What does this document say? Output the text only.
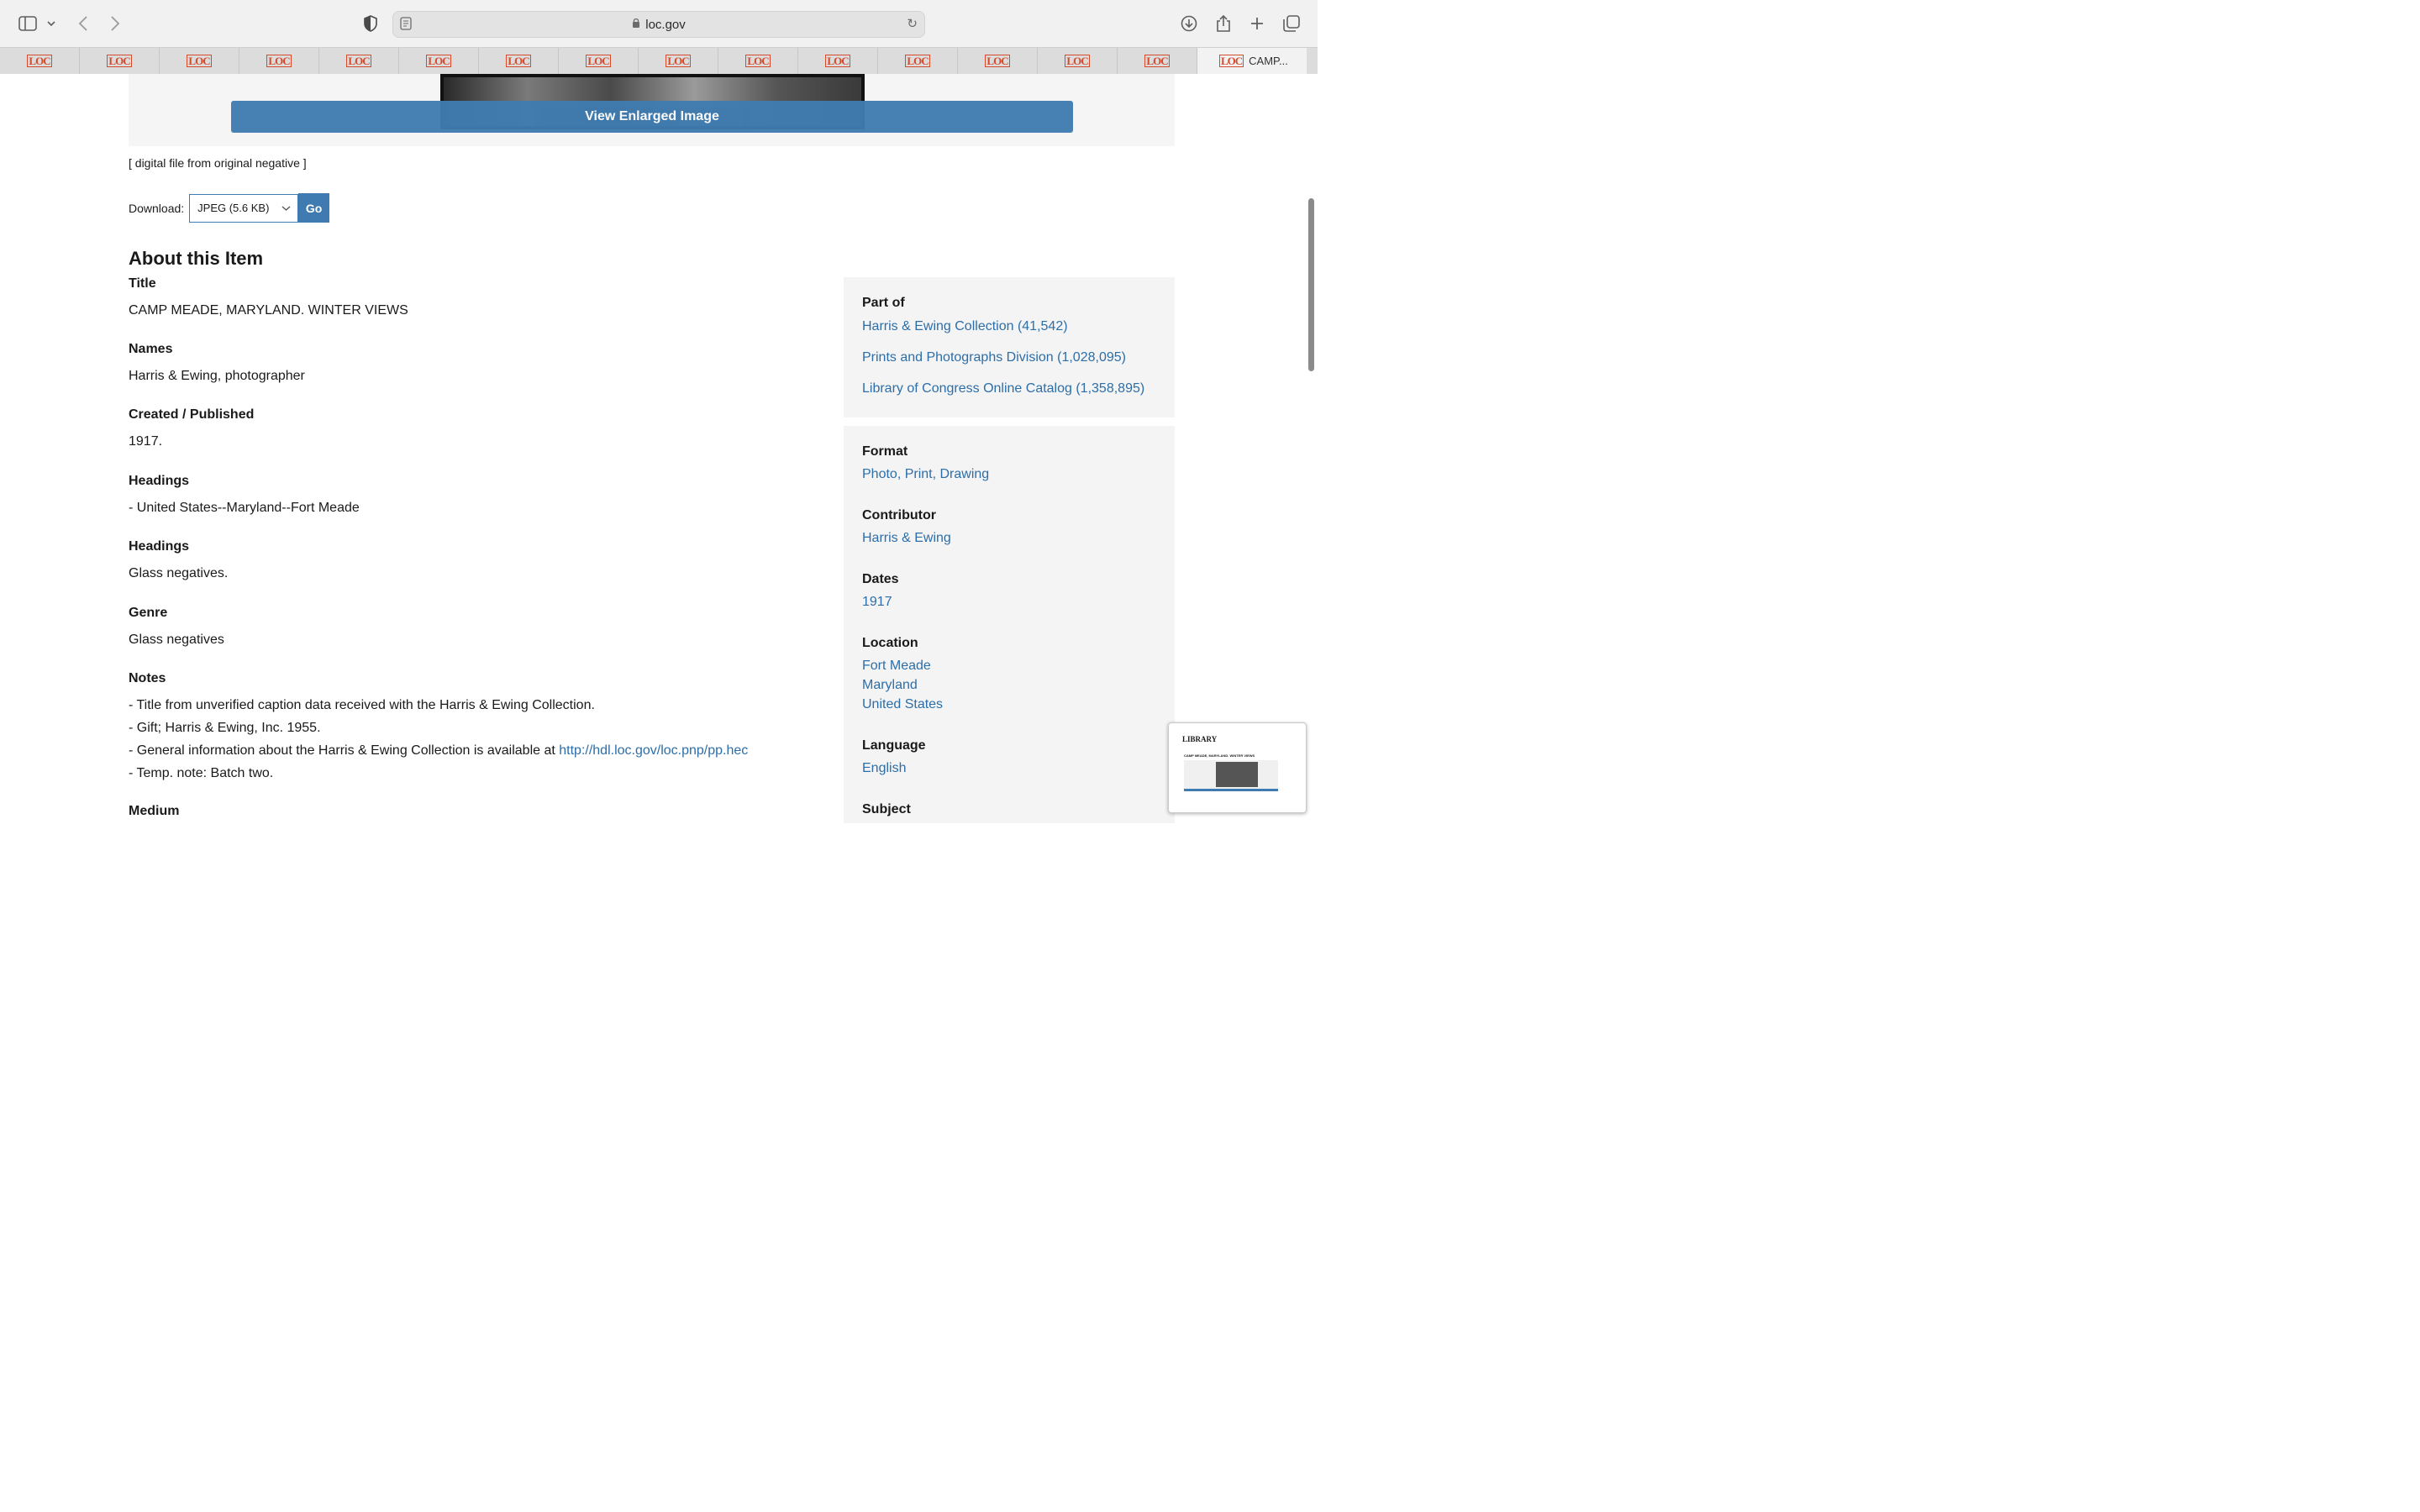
loc.gov	↻
LOC	LOC	LOC	LOC	LOC	LOC	LOC	LOC	LOC	LOC	LOC	LOC	LOC	LOC	LOC	LOC CAMP...
View Enlarged Image
[ digital file from original negative ]
Download: JPEG (5.6 KB)	Go
About this Item
Title
CAMP MEADE, MARYLAND. WINTER VIEWS
Names
Harris & Ewing, photographer
Created / Published
1917.
Headings
- United States--Maryland--Fort Meade
Headings
Glass negatives.
Genre
Glass negatives
Notes
- Title from unverified caption data received with the Harris & Ewing Collection.
- Gift; Harris & Ewing, Inc. 1955.
- General information about the Harris & Ewing Collection is available at http://hdl.loc.gov/loc.pnp/pp.hec
- Temp. note: Batch two.
Medium
Part of
Harris & Ewing Collection (41,542)
Prints and Photographs Division (1,028,095)
Library of Congress Online Catalog (1,358,895)
Format
Photo, Print, Drawing
Contributor
Harris & Ewing
Dates
1917
Location
Fort Meade
Maryland
United States
Language
English
Subject
LIBRARY
CAMP MEADE, MARYLAND. WINTER VIEWS
